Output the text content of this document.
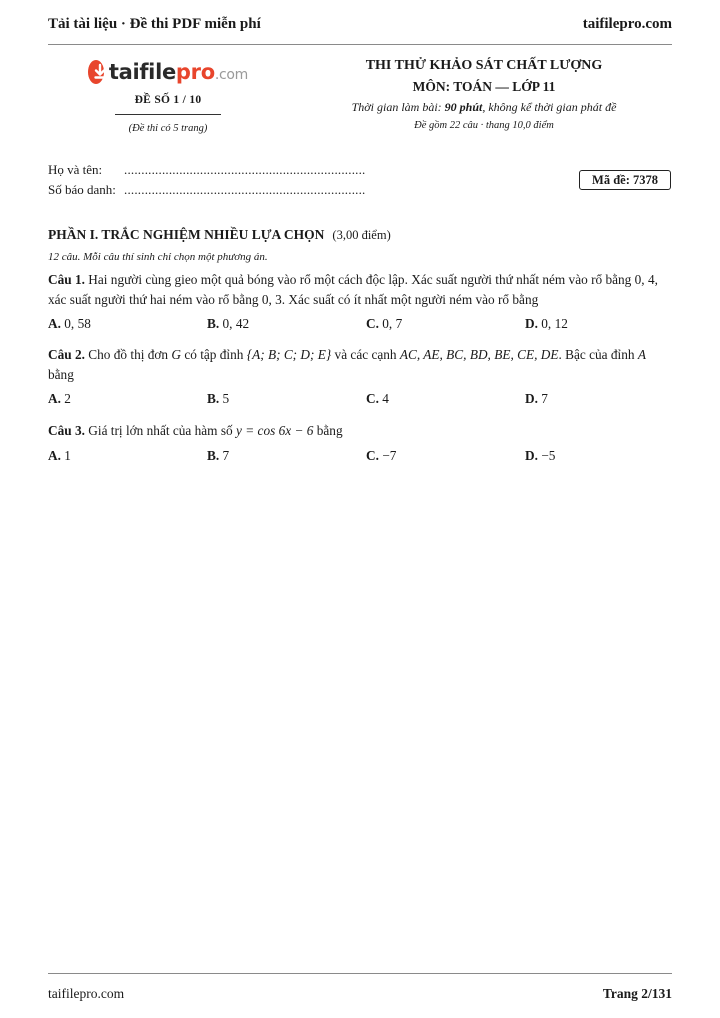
Tải tài liệu · Đề thi PDF miễn phí	taifilepro.com
taifilepro.com
ĐỀ SỐ 1 / 10
(Đề thi có 5 trang)
THI THỬ KHẢO SÁT CHẤT LƯỢNG
MÔN: TOÁN — LỚP 11
Thời gian làm bài: 90 phút, không kể thời gian phát đề
Đề gồm 22 câu · thang 10,0 điểm
Họ và tên:	......................................................................
Số báo danh: ......................................................................
Mã đề: 7378
PHẦN I. TRẮC NGHIỆM NHIỀU LỰA CHỌN (3,00 điểm)
12 câu. Mỗi câu thí sinh chỉ chọn một phương án.
Câu 1. Hai người cùng gieo một quả bóng vào rổ một cách độc lập. Xác suất người thứ nhất ném vào rổ bằng 0, 4, xác suất người thứ hai ném vào rổ bằng 0, 3. Xác suất có ít nhất một người ném vào rổ bằng
A. 0, 58	B. 0, 42	C. 0, 7	D. 0, 12
Câu 2. Cho đồ thị đơn G có tập đỉnh {A; B; C; D; E} và các cạnh AC, AE, BC, BD, BE, CE, DE. Bậc của đỉnh A bằng
A. 2	B. 5	C. 4	D. 7
Câu 3. Giá trị lớn nhất của hàm số y = cos 6x − 6 bằng
A. 1	B. 7	C. −7	D. −5
taifilepro.com	Trang 2/131
